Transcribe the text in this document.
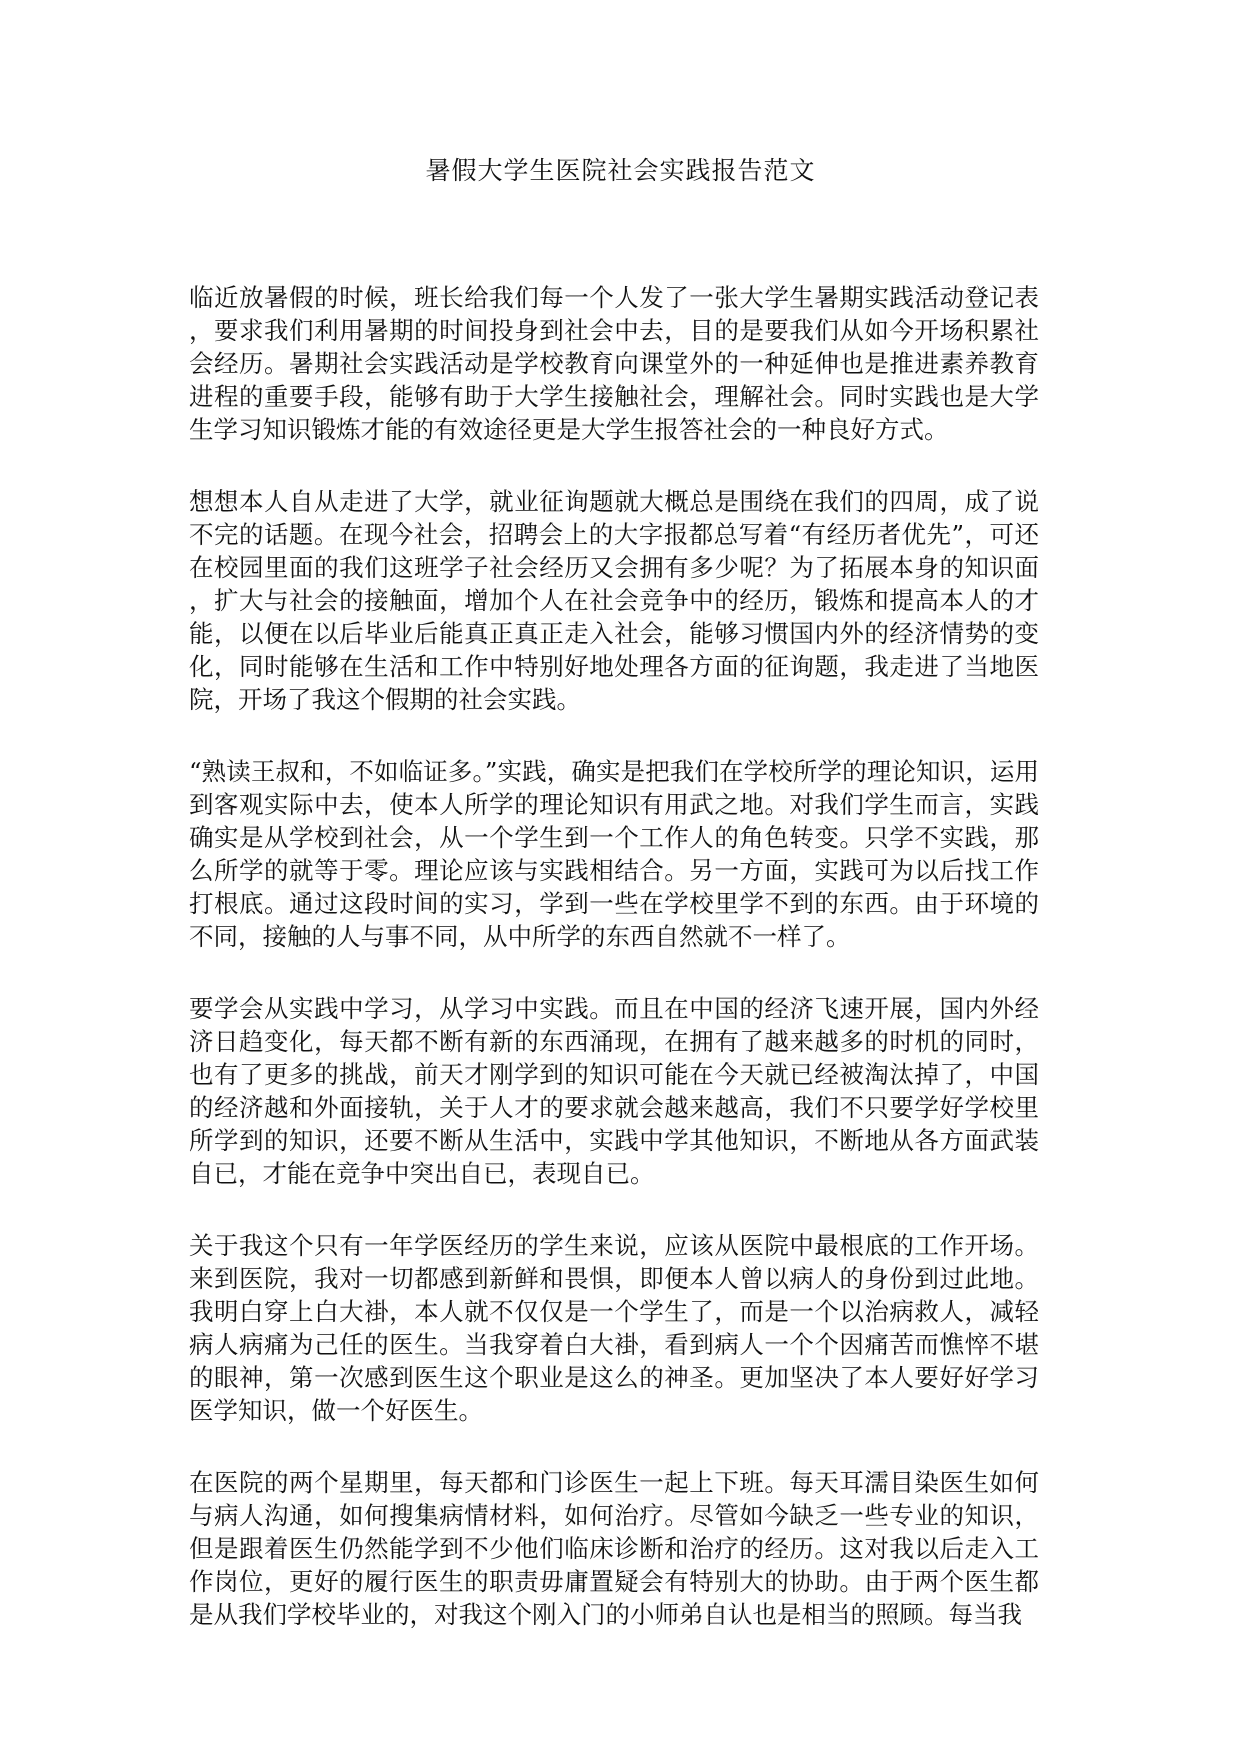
暑假大学生医院社会实践报告范文

临近放暑假的时候，班长给我们每一个人发了一张大学生暑期实践活动登记表，要求我们利用暑期的时间投身到社会中去，目的是要我们从如今开场积累社会经历。暑期社会实践活动是学校教育向课堂外的一种延伸也是推进素养教育进程的重要手段，能够有助于大学生接触社会，理解社会。同时实践也是大学生学习知识锻炼才能的有效途径更是大学生报答社会的一种良好方式。

想想本人自从走进了大学，就业征询题就大概总是围绕在我们的四周，成了说不完的话题。在现今社会，招聘会上的大字报都总写着“有经历者优先”，可还在校园里面的我们这班学子社会经历又会拥有多少呢？为了拓展本身的知识面，扩大与社会的接触面，增加个人在社会竞争中的经历，锻炼和提高本人的才能，以便在以后毕业后能真正真正走入社会，能够习惯国内外的经济情势的变化，同时能够在生活和工作中特别好地处理各方面的征询题，我走进了当地医院，开场了我这个假期的社会实践。

“熟读王叔和，不如临证多。”实践，确实是把我们在学校所学的理论知识，运用到客观实际中去，使本人所学的理论知识有用武之地。对我们学生而言，实践确实是从学校到社会，从一个学生到一个工作人的角色转变。只学不实践，那么所学的就等于零。理论应该与实践相结合。另一方面，实践可为以后找工作打根底。通过这段时间的实习，学到一些在学校里学不到的东西。由于环境的不同，接触的人与事不同，从中所学的东西自然就不一样了。

要学会从实践中学习，从学习中实践。而且在中国的经济飞速开展，国内外经济日趋变化，每天都不断有新的东西涌现，在拥有了越来越多的时机的同时，也有了更多的挑战，前天才刚学到的知识可能在今天就已经被淘汰掉了，中国的经济越和外面接轨，关于人才的要求就会越来越高，我们不只要学好学校里所学到的知识，还要不断从生活中，实践中学其他知识，不断地从各方面武装自已，才能在竞争中突出自已，表现自已。

关于我这个只有一年学医经历的学生来说，应该从医院中最根底的工作开场。来到医院，我对一切都感到新鲜和畏惧，即便本人曾以病人的身份到过此地。我明白穿上白大褂，本人就不仅仅是一个学生了，而是一个以治病救人，减轻病人病痛为己任的医生。当我穿着白大褂，看到病人一个个因痛苦而憔悴不堪的眼神，第一次感到医生这个职业是这么的神圣。更加坚决了本人要好好学习医学知识，做一个好医生。

在医院的两个星期里，每天都和门诊医生一起上下班。每天耳濡目染医生如何与病人沟通，如何搜集病情材料，如何治疗。尽管如今缺乏一些专业的知识，但是跟着医生仍然能学到不少他们临床诊断和治疗的经历。这对我以后走入工作岗位，更好的履行医生的职责毋庸置疑会有特别大的协助。由于两个医生都是从我们学校毕业的，对我这个刚入门的小师弟自认也是相当的照顾。每当我
